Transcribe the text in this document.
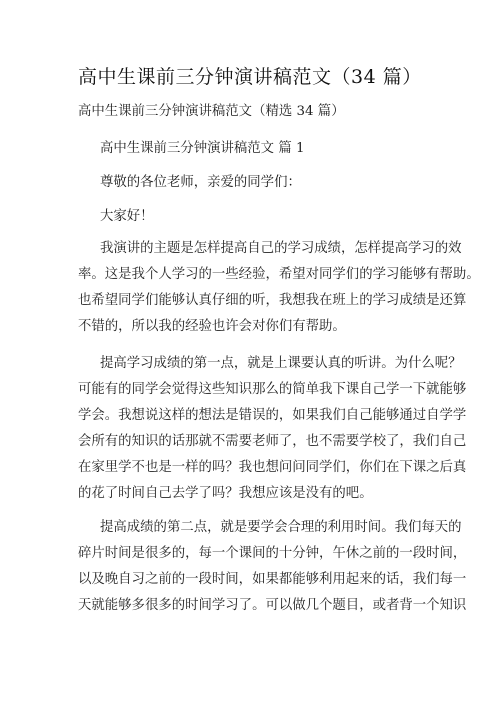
高中生课前三分钟演讲稿范文（34 篇）
高中生课前三分钟演讲稿范文（精选 34 篇）
高中生课前三分钟演讲稿范文 篇 1
尊敬的各位老师，亲爱的同学们：
大家好！
我演讲的主题是怎样提高自己的学习成绩，怎样提高学习的效
率。这是我个人学习的一些经验，希望对同学们的学习能够有帮助。
也希望同学们能够认真仔细的听，我想我在班上的学习成绩是还算
不错的，所以我的经验也许会对你们有帮助。
提高学习成绩的第一点，就是上课要认真的听讲。为什么呢？
可能有的同学会觉得这些知识那么的简单我下课自己学一下就能够
学会。我想说这样的想法是错误的，如果我们自己能够通过自学学
会所有的知识的话那就不需要老师了，也不需要学校了，我们自己
在家里学不也是一样的吗？我也想问问同学们，你们在下课之后真
的花了时间自己去学了吗？我想应该是没有的吧。
提高成绩的第二点，就是要学会合理的利用时间。我们每天的
碎片时间是很多的，每一个课间的十分钟，午休之前的一段时间，
以及晚自习之前的一段时间，如果都能够利用起来的话，我们每一
天就能够多很多的时间学习了。可以做几个题目，或者背一个知识
